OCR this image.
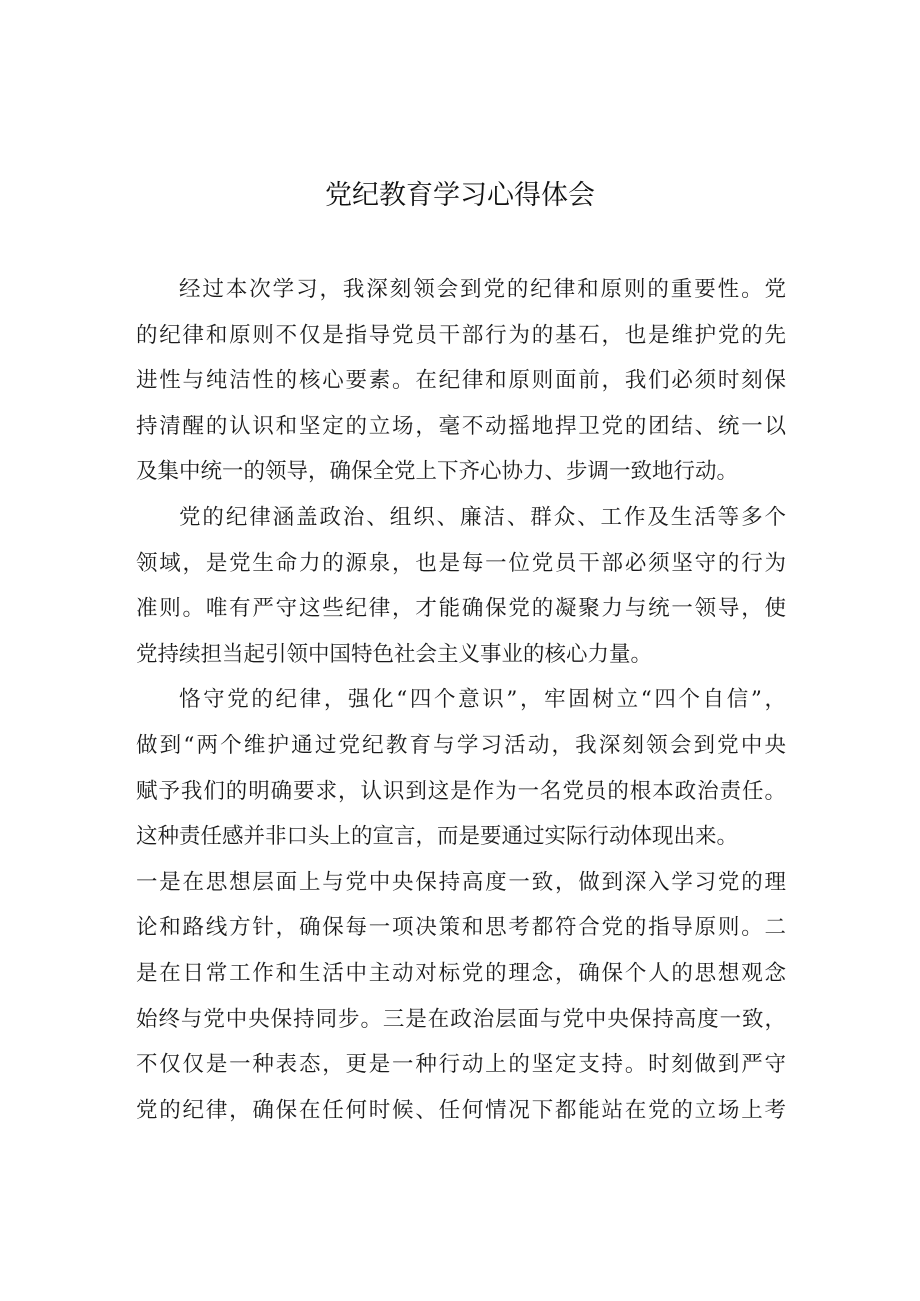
党纪教育学习心得体会
经过本次学习，我深刻领会到党的纪律和原则的重要性。党
的纪律和原则不仅是指导党员干部行为的基石，也是维护党的先
进性与纯洁性的核心要素。在纪律和原则面前，我们必须时刻保
持清醒的认识和坚定的立场，毫不动摇地捍卫党的团结、统一以
及集中统一的领导，确保全党上下齐心协力、步调一致地行动。
党的纪律涵盖政治、组织、廉洁、群众、工作及生活等多个
领域，是党生命力的源泉，也是每一位党员干部必须坚守的行为
准则。唯有严守这些纪律，才能确保党的凝聚力与统一领导，使
党持续担当起引领中国特色社会主义事业的核心力量。
恪守党的纪律，强化“四个意识”，牢固树立“四个自信”，
做到“两个维护通过党纪教育与学习活动，我深刻领会到党中央
赋予我们的明确要求，认识到这是作为一名党员的根本政治责任。
这种责任感并非口头上的宣言，而是要通过实际行动体现出来。
一是在思想层面上与党中央保持高度一致，做到深入学习党的理
论和路线方针，确保每一项决策和思考都符合党的指导原则。二
是在日常工作和生活中主动对标党的理念，确保个人的思想观念
始终与党中央保持同步。三是在政治层面与党中央保持高度一致，
不仅仅是一种表态，更是一种行动上的坚定支持。时刻做到严守
党的纪律，确保在任何时候、任何情况下都能站在党的立场上考
